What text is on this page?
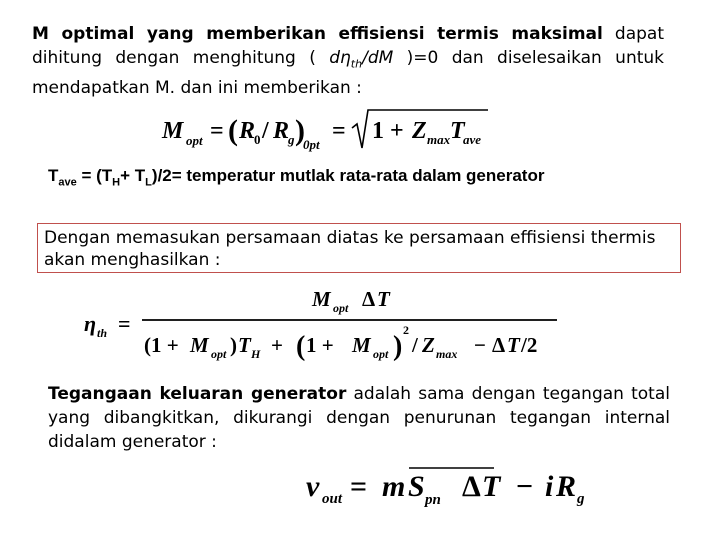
M optimal yang memberikan effisiensi termis maksimal dapat dihitung dengan menghitung ( $d\eta_{th}/dM$ )=0 dan diselesaikan untuk mendapatkan M. dan ini memberikan :
M opt = ( R
0 / R
g )
0pt
= 1 + Z max T
ave
$T_{ave} = (T_H+ T_L)/2=$ temperatur mutlak rata-rata dalam generator
Dengan memasukan persamaan diatas ke persamaan effisiensi thermis akan menghasilkan :
η th =
M opt Δ T
(1 + M opt ) T H + ( 1 + M opt )
2
/ Z max − Δ T /2
Tegangaan keluaran generator adalah sama dengan tegangan total yang dibangkitkan, dikurangi dengan penurunan tegangan internal didalam generator :
v out = m S pn Δ T − i R g
